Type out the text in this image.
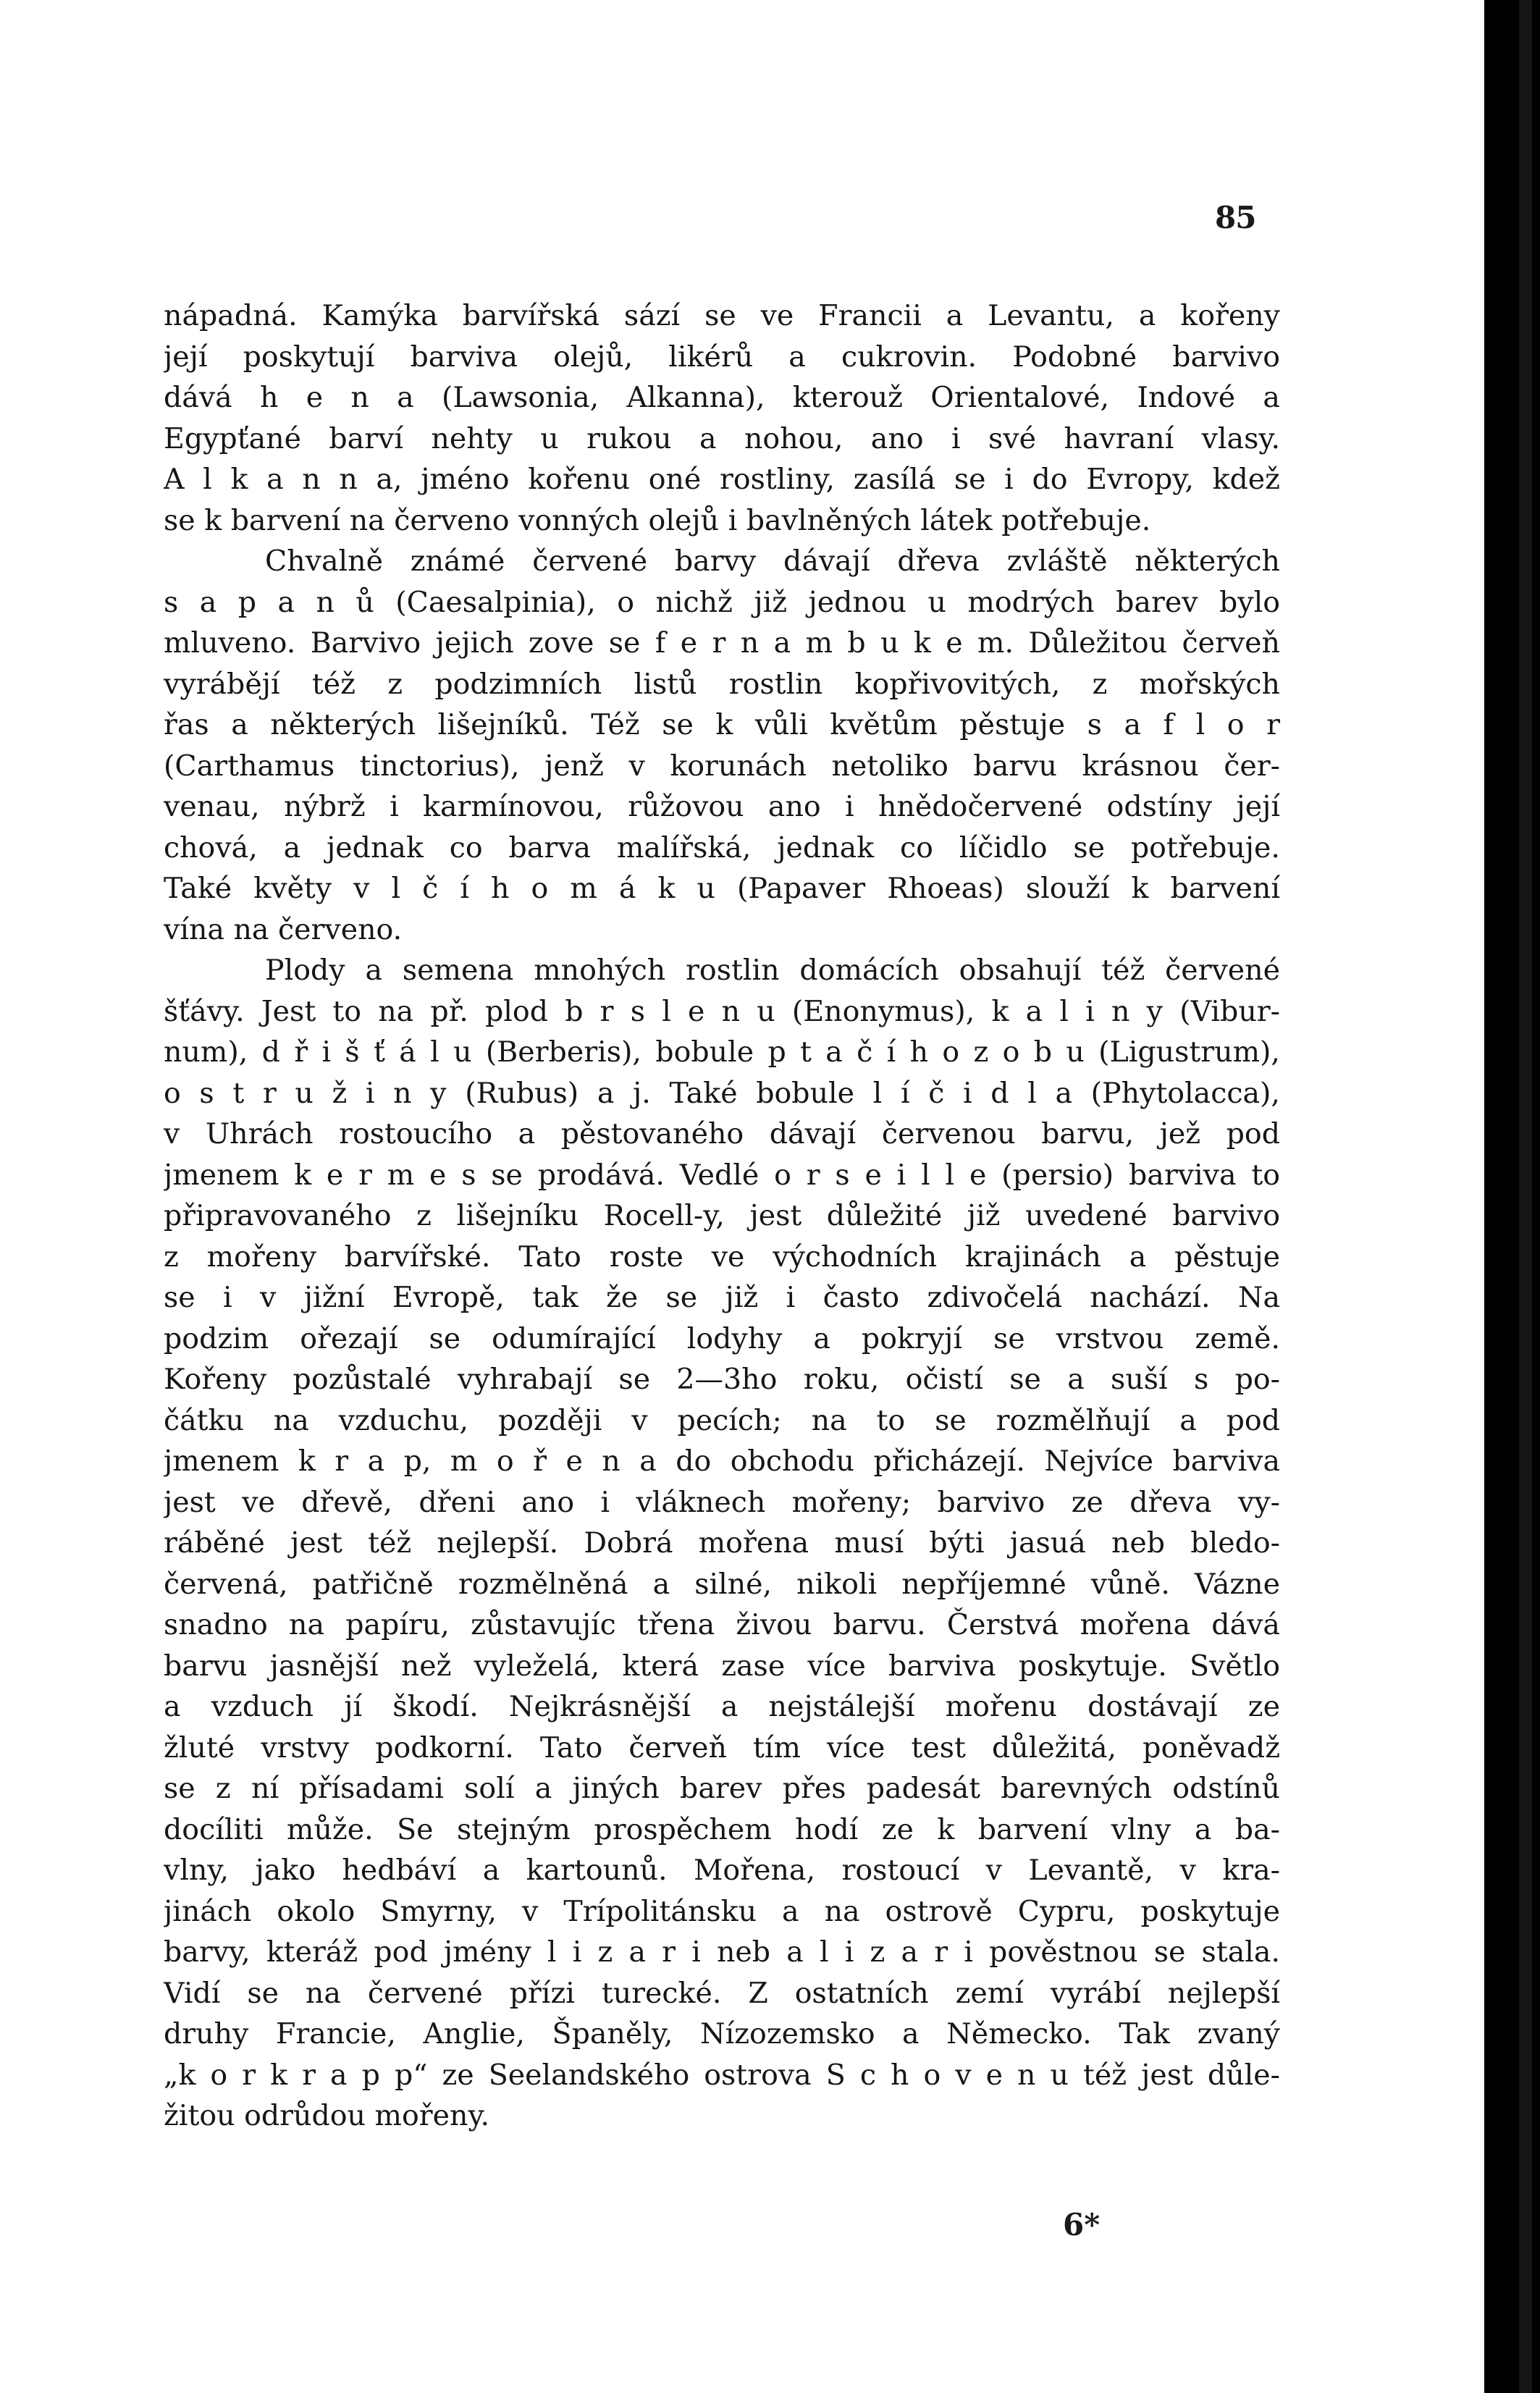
85

nápadná. Kamýka barvířská sází se ve Francii a Levantu, a kořeny
její poskytují barviva olejů, likérů a cukrovin. Podobné barvivo
dává h e n a (Lawsonia, Alkanna), kterouž Orientalové, Indové a
Egypťané barví nehty u rukou a nohou, ano i své havraní vlasy.
A l k a n n a, jméno kořenu oné rostliny, zasílá se i do Evropy, kdež
se k barvení na červeno vonných olejů i bavlněných látek potřebuje.

Chvalně známé červené barvy dávají dřeva zvláště některých
s a p a n ů (Caesalpinia), o nichž již jednou u modrých barev bylo
mluveno. Barvivo jejich zove se f e r n a m b u k e m. Důležitou červeň
vyrábějí též z podzimních listů rostlin kopřivovitých, z mořských
řas a některých lišejníků. Též se k vůli květům pěstuje s a f l o r
(Carthamus tinctorius), jenž v korunách netoliko barvu krásnou čer-
venau, nýbrž i karmínovou, růžovou ano i hnědočervené odstíny její
chová, a jednak co barva malířská, jednak co líčidlo se potřebuje.
Také květy v l č í h o m á k u (Papaver Rhoeas) slouží k barvení
vína na červeno.

Plody a semena mnohých rostlin domácích obsahují též červené
šťávy. Jest to na př. plod b r s l e n u (Enonymus), k a l i n y (Vibur-
num), d ř i š ť á l u (Berberis), bobule p t a č í h o z o b u (Ligustrum),
o s t r u ž i n y (Rubus) a j. Také bobule l í č i d l a (Phytolacca),
v Uhrách rostoucího a pěstovaného dávají červenou barvu, jež pod
jmenem k e r m e s se prodává. Vedlé o r s e i l l e (persio) barviva to
připravovaného z lišejníku Rocell-y, jest důležité již uvedené barvivo
z mořeny barvířské. Tato roste ve východních krajinách a pěstuje
se i v jižní Evropě, tak že se již i často zdivočelá nachází. Na
podzim ořezají se odumírající lodyhy a pokryjí se vrstvou země.
Kořeny pozůstalé vyhrabají se 2—3ho roku, očistí se a suší s po-
čátku na vzduchu, později v pecích; na to se rozmělňují a pod
jmenem k r a p, m o ř e n a do obchodu přicházejí. Nejvíce barviva
jest ve dřevě, dřeni ano i vláknech mořeny; barvivo ze dřeva vy-
ráběné jest též nejlepší. Dobrá mořena musí býti jasuá neb bledo-
červená, patřičně rozmělněná a silné, nikoli nepříjemné vůně. Vázne
snadno na papíru, zůstavujíc třena živou barvu. Čerstvá mořena dává
barvu jasnější než vyleželá, která zase více barviva poskytuje. Světlo
a vzduch jí škodí. Nejkrásnější a nejstálejší mořenu dostávají ze
žluté vrstvy podkorní. Tato červeň tím více test důležitá, poněvadž
se z ní přísadami solí a jiných barev přes padesát barevných odstínů
docíliti může. Se stejným prospěchem hodí ze k barvení vlny a ba-
vlny, jako hedbáví a kartounů. Mořena, rostoucí v Levantě, v kra-
jinách okolo Smyrny, v Trípolitánsku a na ostrově Cypru, poskytuje
barvy, kteráž pod jmény l i z a r i neb a l i z a r i pověstnou se stala.
Vidí se na červené přízi turecké. Z ostatních zemí vyrábí nejlepší
druhy Francie, Anglie, Španěly, Nízozemsko a Německo. Tak zvaný
„k o r k r a p p“ ze Seelandského ostrova S c h o v e n u též jest důle-
žitou odrůdou mořeny.

6*
